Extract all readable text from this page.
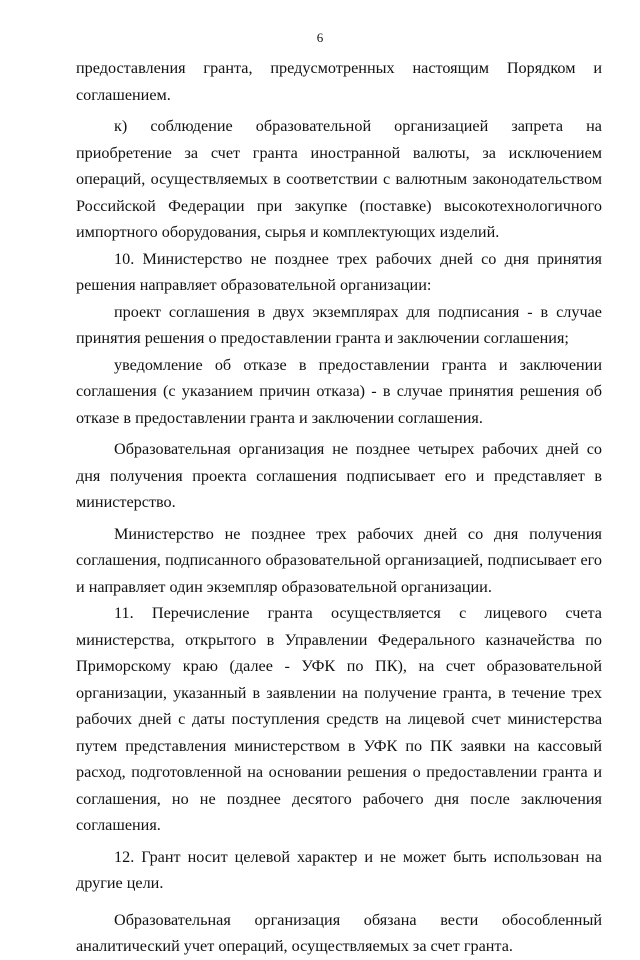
6

предоставления гранта, предусмотренных настоящим Порядком и соглашением.

к) соблюдение образовательной организацией запрета на приобретение за счет гранта иностранной валюты, за исключением операций, осуществляемых в соответствии с валютным законодательством Российской Федерации при закупке (поставке) высокотехнологичного импортного оборудования, сырья и комплектующих изделий.

10. Министерство не позднее трех рабочих дней со дня принятия решения направляет образовательной организации:

проект соглашения в двух экземплярах для подписания - в случае принятия решения о предоставлении гранта и заключении соглашения;

уведомление об отказе в предоставлении гранта и заключении соглашения (с указанием причин отказа) - в случае принятия решения об отказе в предоставлении гранта и заключении соглашения.

Образовательная организация не позднее четырех рабочих дней со дня получения проекта соглашения подписывает его и представляет в министерство.

Министерство не позднее трех рабочих дней со дня получения соглашения, подписанного образовательной организацией, подписывает его и направляет один экземпляр образовательной организации.

11. Перечисление гранта осуществляется с лицевого счета министерства, открытого в Управлении Федерального казначейства по Приморскому краю (далее - УФК по ПК), на счет образовательной организации, указанный в заявлении на получение гранта, в течение трех рабочих дней с даты поступления средств на лицевой счет министерства путем представления министерством в УФК по ПК заявки на кассовый расход, подготовленной на основании решения о предоставлении гранта и соглашения, но не позднее десятого рабочего дня после заключения соглашения.

12. Грант носит целевой характер и не может быть использован на другие цели.

Образовательная организация обязана вести обособленный аналитический учет операций, осуществляемых за счет гранта.
